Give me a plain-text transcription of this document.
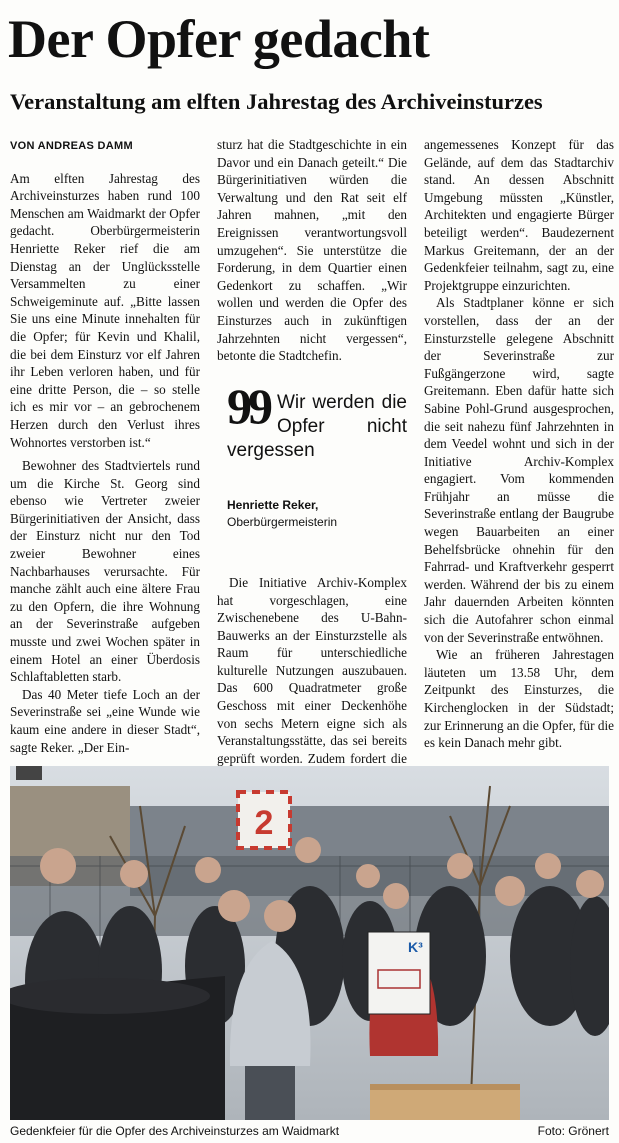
Der Opfer gedacht
Veranstaltung am elften Jahrestag des Archiveinsturzes
VON ANDREAS DAMM

Am elften Jahrestag des Archiveinsturzes haben rund 100 Menschen am Waidmarkt der Opfer gedacht. Oberbürgermeisterin Henriette Reker rief die am Dienstag an der Unglücksstelle Versammelten zu einer Schweigeminute auf. „Bitte lassen Sie uns eine Minute innehalten für die Opfer; für Kevin und Khalil, die bei dem Einsturz vor elf Jahren ihr Leben verloren haben, und für eine dritte Person, die – so stelle ich es mir vor – an gebrochenem Herzen durch den Verlust ihres Wohnortes verstorben ist.“

Bewohner des Stadtviertels rund um die Kirche St. Georg sind ebenso wie Vertreter zweier Bürgerinitiativen der Ansicht, dass der Einsturz nicht nur den Tod zweier Bewohner eines Nachbarhauses verursachte. Für manche zählt auch eine ältere Frau zu den Opfern, die ihre Wohnung an der Severinstraße aufgeben musste und zwei Wochen später in einem Hotel an einer Überdosis Schlaftabletten starb.

Das 40 Meter tiefe Loch an der Severinstraße sei „eine Wunde wie kaum eine andere in dieser Stadt“, sagte Reker. „Der Ein-

sturz hat die Stadtgeschichte in ein Davor und ein Danach geteilt.“ Die Bürgerinitiativen würden die Verwaltung und den Rat seit elf Jahren mahnen, „mit den Ereignissen verantwortungsvoll umzugehen“. Sie unterstütze die Forderung, in dem Quartier einen Gedenkort zu schaffen. „Wir wollen und werden die Opfer des Einsturzes auch in zukünftigen Jahrzehnten nicht vergessen“, betonte die Stadtchefin.

99 Wir werden die Opfer nicht vergessen
Henriette Reker,
Oberbürgermeisterin

Die Initiative Archiv-Komplex hat vorgeschlagen, eine Zwischenebene des U-Bahn-Bauwerks an der Einsturzstelle als Raum für unterschiedliche kulturelle Nutzungen auszubauen. Das 600 Quadratmeter große Geschoss mit einer Deckenhöhe von sechs Metern eigne sich als Veranstaltungsstätte, das sei bereits geprüft worden. Zudem fordert die

angemessenes Konzept für das Gelände, auf dem das Stadtarchiv stand. An dessen Abschnitt Umgebung müssten „Künstler, Architekten und engagierte Bürger beteiligt werden“. Baudezernent Markus Greitemann, der an der Gedenkfeier teilnahm, sagt zu, eine Projektgruppe einzurichten.

Als Stadtplaner könne er sich vorstellen, dass der an der Einsturzstelle gelegene Abschnitt der Severinstraße zur Fußgängerzone wird, sagte Greitemann. Eben dafür hatte sich Sabine Pohl-Grund ausgesprochen, die seit nahezu fünf Jahrzehnten in dem Veedel wohnt und sich in der Initiative Archiv-Komplex engagiert. Vom kommenden Frühjahr an müsse die Severinstraße entlang der Baugrube wegen Bauarbeiten an einer Behelfsbrücke ohnehin für den Fahrrad- und Kraftverkehr gesperrt werden. Während der bis zu einem Jahr dauernden Arbeiten könnten sich die Autofahrer schon einmal von der Severinstraße entwöhnen.

Wie an früheren Jahrestagen läuteten um 13.58 Uhr, dem Zeitpunkt des Einsturzes, die Kirchenglocken in der Südstadt; zur Erinnerung an die Opfer, für die es kein Danach mehr gibt.

2
K³
Gedenkfeier für die Opfer des Archiveinsturzes am Waidmarkt	Foto: Grönert
